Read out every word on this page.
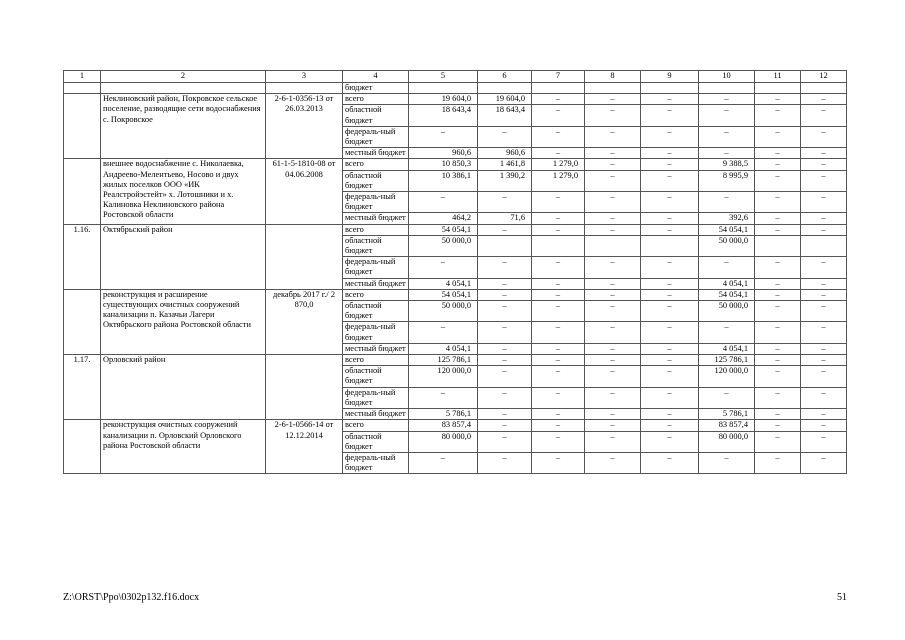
1	2	3	4	5	6	7	8	9	10	11	12
			бюджет								
	Неклиновский район, Покровское сельское поселение, разводящие сети водоснабжения с. Покровское	2-6-1-0356-13 от 26.03.2013	всего	19 604,0	19 604,0	–	–	–	–	–	–
			областной бюджет	18 643,4	18 643,4	–	–	–	–	–	–
			федераль-ный бюджет	–	–	–	–	–	–	–	–
			местный бюджет	960,6	960,6	–	–	–	–	–	–
	внешнее водоснабжение с. Николаевка, Андреево-Мелентьево, Носово и двух жилых поселков ООО «ИК Реалстройэстейт» х. Лотошники и х. Калиновка Неклиновского района Ростовской области	61-1-5-1810-08 от 04.06.2008	всего	10 850,3	1 461,8	1 279,0	–	–	9 388,5	–	–
			областной бюджет	10 386,1	1 390,2	1 279,0	–	–	8 995,9	–	–
			федераль-ный бюджет	–	–	–	–	–	–	–	–
			местный бюджет	464,2	71,6	–	–	–	392,6	–	–
1.16.	Октябрьский район		всего	54 054,1	–	–	–	–	54 054,1	–	–
			областной бюджет	50 000,0					50 000,0		
			федераль-ный бюджет	–	–	–	–	–	–	–	–
			местный бюджет	4 054,1	–	–	–	–	4 054,1	–	–
	реконструкция и расширение существующих очистных сооружений канализации п. Казачьи Лагери Октябрьского района Ростовской области	декабрь 2017 г./ 2 870,0	всего	54 054,1	–	–	–	–	54 054,1	–	–
			областной бюджет	50 000,0	–	–	–	–	50 000,0	–	–
			федераль-ный бюджет	–	–	–	–	–	–	–	–
			местный бюджет	4 054,1	–	–	–	–	4 054,1	–	–
1.17.	Орловский район		всего	125 786,1	–	–	–	–	125 786,1	–	–
			областной бюджет	120 000,0	–	–	–	–	120 000,0	–	–
			федераль-ный бюджет	–	–	–	–	–	–	–	–
			местный бюджет	5 786,1	–	–	–	–	5 786,1	–	–
	реконструкция очистных сооружений канализации п. Орловский Орловского района Ростовской области	2-6-1-0566-14 от 12.12.2014	всего	83 857,4	–	–	–	–	83 857,4	–	–
			областной бюджет	80 000,0	–	–	–	–	80 000,0	–	–
			федераль-ный бюджет	–	–	–	–	–	–	–	–
Z:\ORST\Ppo\0302p132.f16.docx	51
